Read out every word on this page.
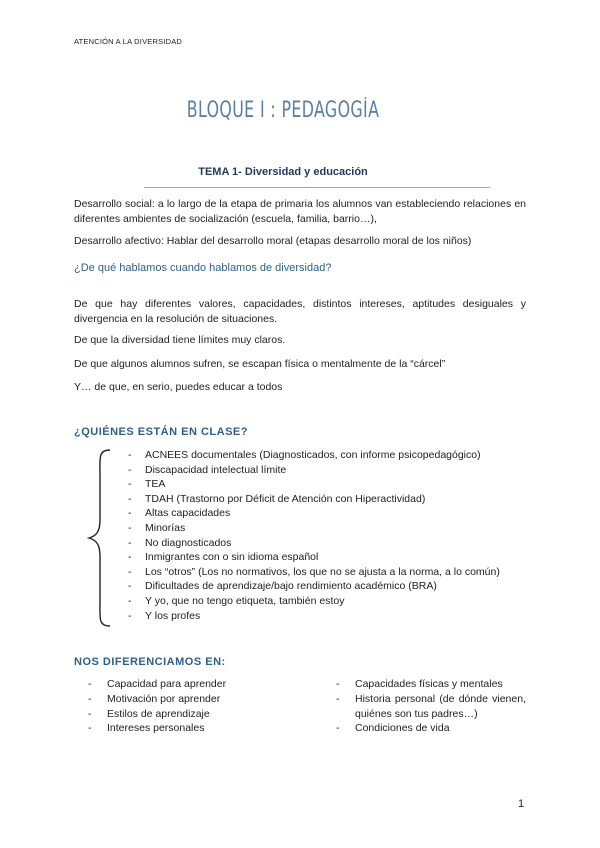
ATENCIÓN A LA DIVERSIDAD
BLOQUE I : PEDAGOGÍA
TEMA 1- Diversidad y educación
Desarrollo social: a lo largo de la etapa de primaria los alumnos van estableciendo relaciones en diferentes ambientes de socialización (escuela, familia, barrio…),
Desarrollo afectivo: Hablar del desarrollo moral (etapas desarrollo moral de los niños)
¿De qué hablamos cuando hablamos de diversidad?
De que hay diferentes valores, capacidades, distintos intereses, aptitudes desiguales y divergencia en la resolución de situaciones.
De que la diversidad tiene límites muy claros.
De que algunos alumnos sufren, se escapan física o mentalmente de la “cárcel”
Y… de que, en serio, puedes educar a todos
¿QUIÉNES ESTÁN EN CLASE?
- ACNEES documentales (Diagnosticados, con informe psicopedagógico)
- Discapacidad intelectual límite
- TEA
- TDAH (Trastorno por Déficit de Atención con Hiperactividad)
- Altas capacidades
- Minorías
- No diagnosticados
- Inmigrantes con o sin idioma español
- Los “otros” (Los no normativos, los que no se ajusta a la norma, a lo común)
- Dificultades de aprendizaje/bajo rendimiento académico (BRA)
- Y yo, que no tengo etiqueta, también estoy
- Y los profes
NOS DIFERENCIAMOS EN:
- Capacidad para aprender
- Motivación por aprender
- Estilos de aprendizaje
- Intereses personales
- Capacidades físicas y mentales
- Historia personal (de dónde vienen, quiénes son tus padres…)
- Condiciones de vida
1
